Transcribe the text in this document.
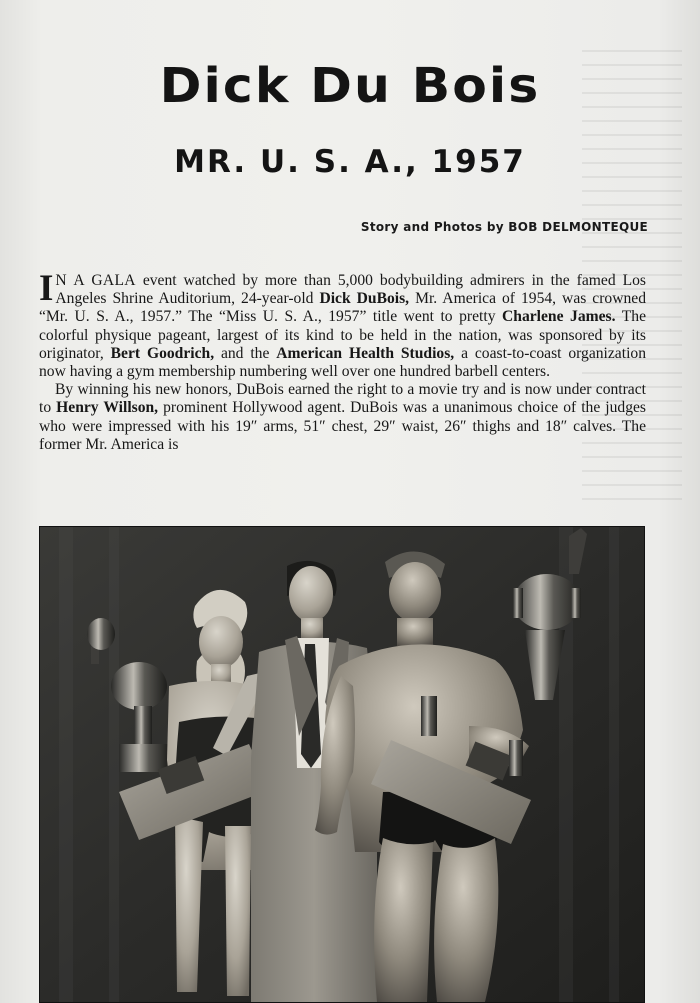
Dick Du Bois
MR. U. S. A., 1957
Story and Photos by BOB DELMONTEQUE

I N A GALA event watched by more than 5,000 bodybuilding admirers in the famed Los Angeles Shrine Auditorium, 24-year-old Dick DuBois, Mr. America of 1954, was crowned “Mr. U. S. A., 1957.” The “Miss U. S. A., 1957” title went to pretty Charlene James. The colorful physique pageant, largest of its kind to be held in the nation, was sponsored by its originator, Bert Goodrich, and the American Health Studios, a coast-to-coast organization now having a gym membership numbering well over one hundred barbell centers.

By winning his new honors, DuBois earned the right to a movie try and is now under contract to Henry Willson, prominent Hollywood agent. DuBois was a unanimous choice of the judges who were impressed with his 19″ arms, 51″ chest, 29″ waist, 26″ thighs and 18″ calves. The former Mr. America is
